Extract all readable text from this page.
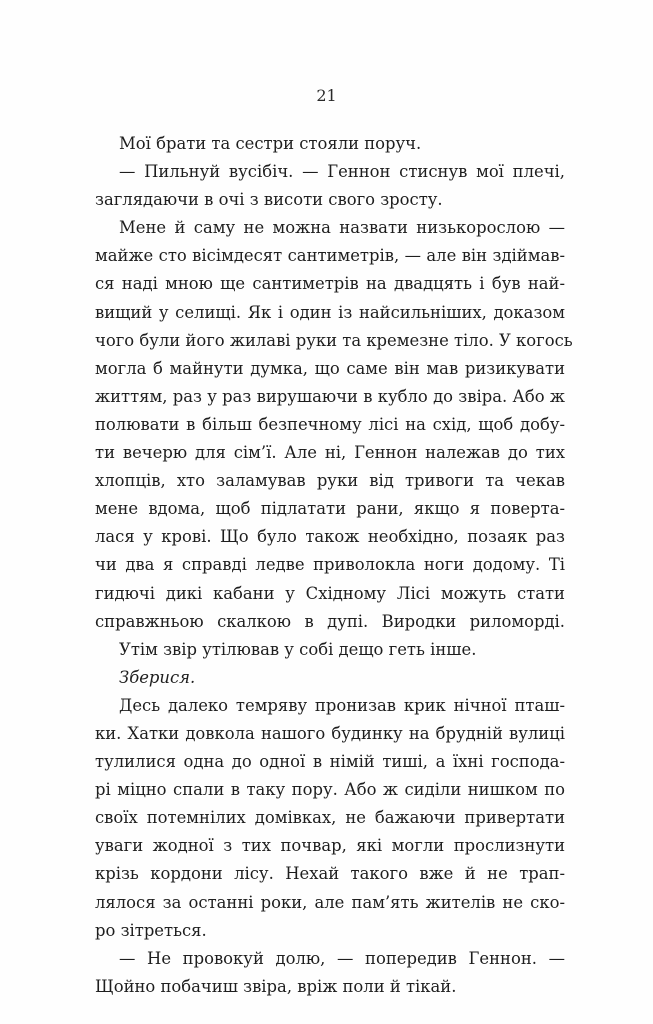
21
Мої брати та сестри стояли поруч.
— Пильнуй вусібіч. — Геннон стиснув мої плечі,
заглядаючи в очі з висоти свого зросту.
Мене й саму не можна назвати низькорослою —
майже сто вісімдесят сантиметрів, — але він здіймав-
ся наді мною ще сантиметрів на двадцять і був най-
вищий у селищі. Як і один із найсильніших, доказом
чого були його жилаві руки та кремезне тіло. У когось
могла б майнути думка, що саме він мав ризикувати
життям, раз у раз вирушаючи в кубло до звіра. Або ж
полювати в більш безпечному лісі на схід, щоб добу-
ти вечерю для сім’ї. Але ні, Геннон належав до тих
хлопців, хто заламував руки від тривоги та чекав
мене вдома, щоб підлатати рани, якщо я поверта-
лася у крові. Що було також необхідно, позаяк раз
чи два я справді ледве приволокла ноги додому. Ті
гидючі дикі кабани у Східному Лісі можуть стати
справжньою скалкою в дупі. Виродки риломорді.
Утім звір утілював у собі дещо геть інше.
Зберися.
Десь далеко темряву пронизав крик нічної пташ-
ки. Хатки довкола нашого будинку на брудній вулиці
тулилися одна до одної в німій тиші, а їхні господа-
рі міцно спали в таку пору. Або ж сиділи нишком по
своїх потемнілих домівках, не бажаючи привертати
уваги жодної з тих почвар, які могли прослизнути
крізь кордони лісу. Нехай такого вже й не трап-
лялося за останні роки, але пам’ять жителів не ско-
ро зітреться.
— Не провокуй долю, — попередив Геннон. —
Щойно побачиш звіра, вріж поли й тікай.
